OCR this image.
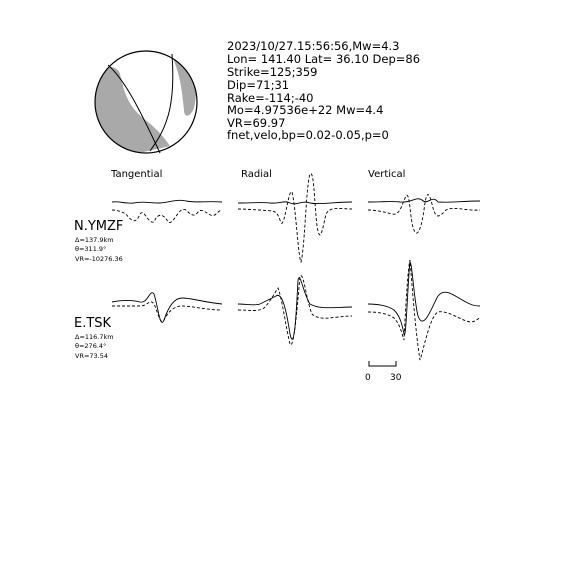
2023/10/27.15:56:56,Mw=4.3
Lon= 141.40 Lat= 36.10 Dep=86
Strike=125;359
Dip=71;31
Rake=-114;-40
Mo=4.97536e+22 Mw=4.4
VR=69.97
fnet,velo,bp=0.02-0.05,p=0
Tangential	Radial	Vertical
N.YMZF
Δ=137.9km
θ=311.9°
VR=-10276.36
E.TSK
Δ=116.7km
θ=276.4°
VR=73.54
0 30
